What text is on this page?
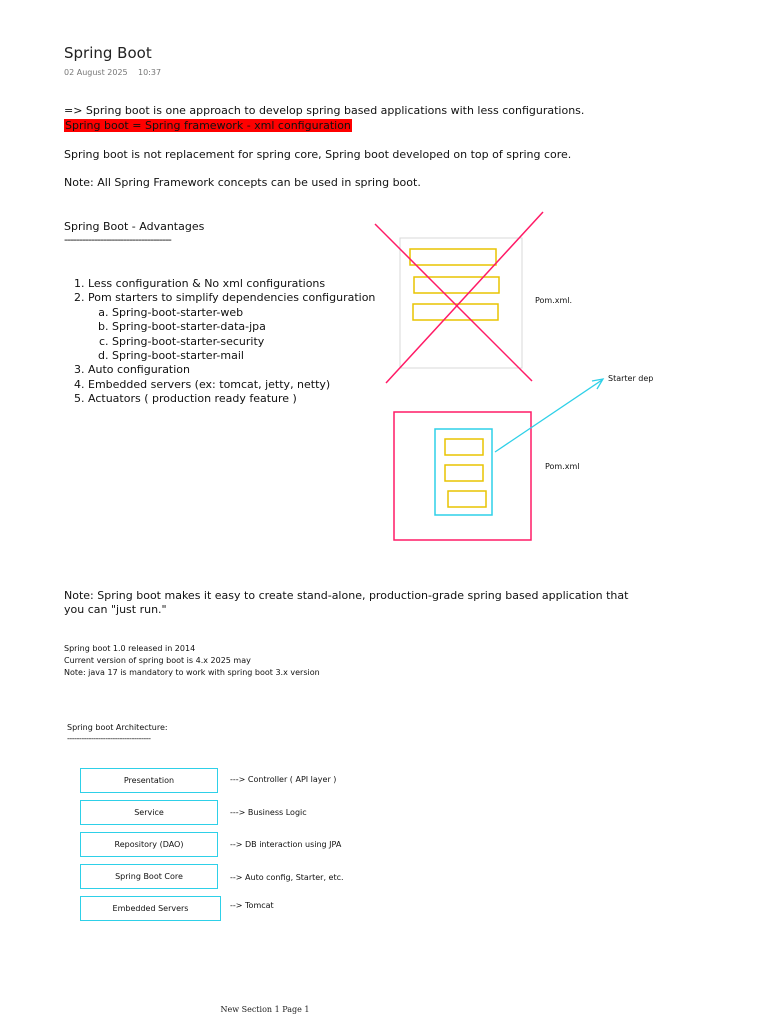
Spring Boot
02 August 2025 10:37
=> Spring boot is one approach to develop spring based applications with less configurations.
Spring boot = Spring framework - xml configuration
Spring boot is not replacement for spring core, Spring boot developed on top of spring core.
Note: All Spring Framework concepts can be used in spring boot.
Spring Boot - Advantages
------------------------------------
1. Less configuration & No xml configurations
2. Pom starters to simplify dependencies configuration
a. Spring-boot-starter-web
b. Spring-boot-starter-data-jpa
c. Spring-boot-starter-security
d. Spring-boot-starter-mail
3. Auto configuration
4. Embedded servers (ex: tomcat, jetty, netty)
5. Actuators ( production ready feature )
Pom.xml.
Pom.xml
Starter dep
Note: Spring boot makes it easy to create stand-alone, production-grade spring based application that
you can "just run."
Spring boot 1.0 released in 2014
Current version of spring boot is 4.x 2025 may
Note: java 17 is mandatory to work with spring boot 3.x version
Spring boot Architecture:
-----------------------------------
Presentation	---> Controller ( API layer )
Service	---> Business Logic
Repository (DAO)	--> DB interaction using JPA
Spring Boot Core	--> Auto config, Starter, etc.
Embedded Servers	--> Tomcat
New Section 1 Page 1
